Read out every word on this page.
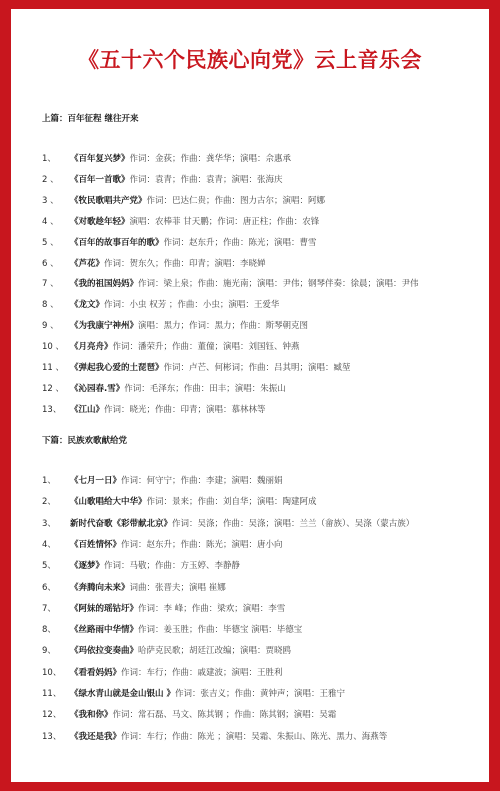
《五十六个民族心向党》云上音乐会
上篇：百年征程 继往开来
1、 《百年复兴梦》作词：金荻；作曲：龚华华；演唱：佘惠承
2 、 《百年一首歌》作词：袁青；作曲：袁青；演唱：张海庆
3 、 《牧民歌唱共产党》作词：巴达仁贵；作曲：图力古尔；演唱：阿娜
4 、 《对歌趁年轻》演唱：农棒菲 甘天鹏；作词：唐正柱；作曲：农锋
5 、 《百年的故事百年的歌》作词：赵东升；作曲：陈光；演唱：曹雪
6 、 《芦花》作词：贺东久；作曲：印青；演唱：李晓婵
7 、 《我的祖国妈妈》作词：梁上泉；作曲：施光南；演唱：尹伟；钢琴伴奏：徐晨；演唱：尹伟
8 、 《龙文》作词：小虫 权芳 ；作曲：小虫；演唱：王爱华
9 、 《为我康宁神州》演唱：黑力；作词：黑力；作曲：斯琴朝克图
10 、 《月亮舟》作词：潘荣升；作曲：董僮；演唱：刘国钰、钟燕
11 、 《弹起我心爱的土琵琶》作词：卢芒、何彬词；作曲：吕其明；演唱：臧堃
12 、 《沁园春.雪》作词：毛泽东；作曲：田丰；演唱：朱振山
13、 《江山》作词：晓光；作曲：印青；演唱：慕林林等
下篇：民族欢歌献给党
1、 《七月一日》作词：何守宁；作曲：李建；演唱：魏丽娟
2、 《山歌唱给大中华》作词：景来；作曲：刘自华；演唱：陶建阿成
3、 新时代奋歌《彩带献北京》作词：吴涤；作曲：吴涤；演唱：兰兰（畲族）、吴涤（蒙古族）
4、 《百姓情怀》作词：赵东升；作曲：陈光；演唱：唐小向
5、 《逐梦》作词：马敬；作曲：方玉婷、李静静
6、 《奔腾向未来》词曲：张晋夫；演唱 崔娜
7、 《阿妹的瑶钴圩》作词：李 峰；作曲：梁欢；演唱：李雪
8、 《丝路雨中华情》作词：姜玉胜；作曲：毕德宝 演唱：毕德宝
9、 《玛依拉变奏曲》哈萨克民歌；胡廷江改编；演唱：贾晓鸥
10、 《看看妈妈》作词：车行；作曲：戚建波；演唱：王胜利
11、 《绿水青山就是金山银山 》作词：张吉义；作曲：黄钟声；演唱：王雅宁
12、 《我和你》作词：常石磊、马文、陈其钢 ；作曲：陈其钢；演唱：吴霜
13、 《我还是我》作词：车行；作曲：陈光 ；演唱：吴霜、朱振山、陈光、黑力、海燕等
